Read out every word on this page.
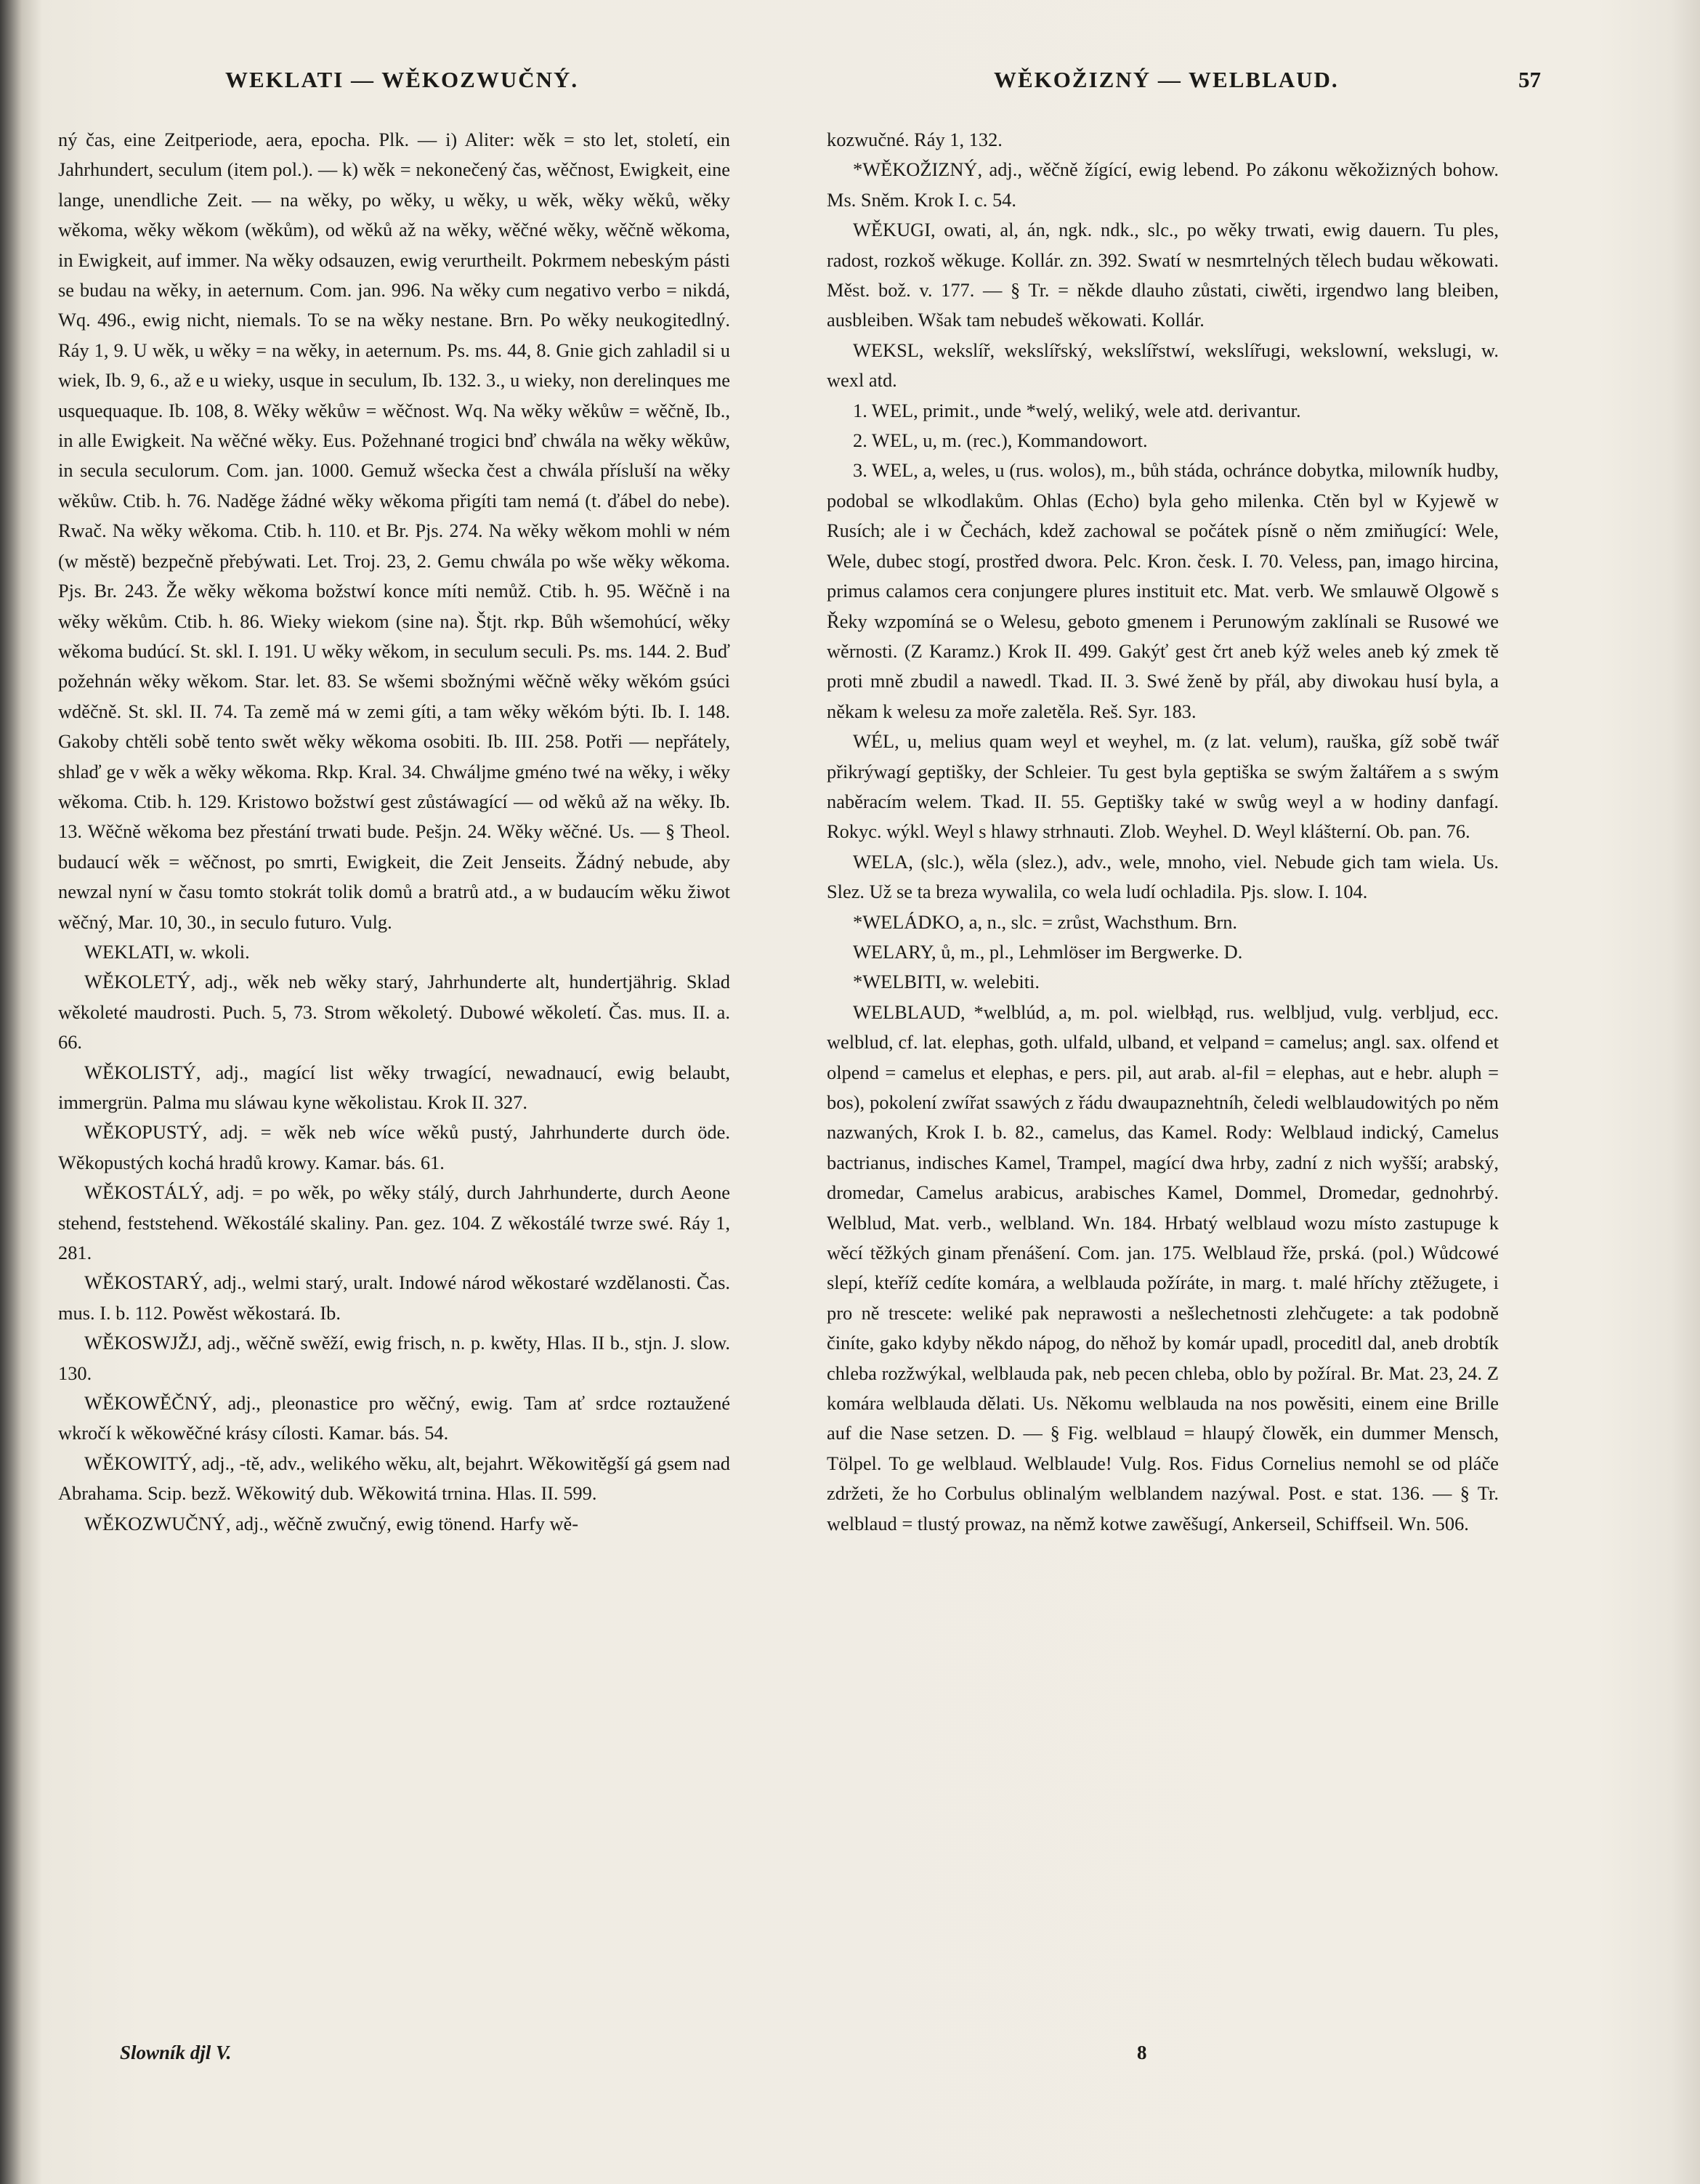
WEKLATI — WĚKOZWUČNÝ.	WĚKOŽIZNÝ — WELBLAUD.	57

ný čas, eine Zeitperiode, aera, epocha. Plk. — i) Aliter: wěk = sto let, století, ein Jahrhundert, seculum (item pol.). — k) wěk = nekonečený čas, wěčnost, Ewigkeit, eine lange, unendliche Zeit. — na wěky, po wěky, u wěky, u wěk, wěky wěků, wěky wěkoma, wěky wěkom (wěkům), od wěků až na wěky, wěčné wěky, wěčně wěkoma, in Ewigkeit, auf immer. Na wěky odsauzen, ewig verurtheilt. Pokrmem nebeským pásti se budau na wěky, in aeternum. Com. jan. 996. Na wěky cum negativo verbo = nikdá, Wq. 496., ewig nicht, niemals. To se na wěky nestane. Brn. Po wěky neukogitedlný. Ráy 1, 9. U wěk, u wěky = na wěky, in aeternum. Ps. ms. 44, 8. Gnie gich zahladil si u wiek, Ib. 9, 6., až e u wieky, usque in seculum, Ib. 132. 3., u wieky, non derelinques me usquequaque. Ib. 108, 8. Wěky wěkůw = wěčnost. Wq. Na wěky wěkůw = wěčně, Ib., in alle Ewigkeit. Na wěčné wěky. Eus. Požehnané trogici bnď chwála na wěky wěkůw, in secula seculorum. Com. jan. 1000. Gemuž wšecka čest a chwála přísluší na wěky wěkůw. Ctib. h. 76. Naděge žádné wěky wěkoma přigíti tam nemá (t. ďábel do nebe). Rwač. Na wěky wěkoma. Ctib. h. 110. et Br. Pjs. 274. Na wěky wěkom mohli w ném (w městě) bezpečně přebýwati. Let. Troj. 23, 2. Gemu chwála po wše wěky wěkoma. Pjs. Br. 243. Že wěky wěkoma božstwí konce míti nemůž. Ctib. h. 95. Wěčně i na wěky wěkům. Ctib. h. 86. Wieky wiekom (sine na). Štjt. rkp. Bůh wšemohúcí, wěky wěkoma budúcí. St. skl. I. 191. U wěky wěkom, in seculum seculi. Ps. ms. 144. 2. Buď požehnán wěky wěkom. Star. let. 83. Se wšemi sbožnými wěčně wěky wěkóm gsúci wděčně. St. skl. II. 74. Ta země má w zemi gíti, a tam wěky wěkóm býti. Ib. I. 148. Gakoby chtěli sobě tento swět wěky wěkoma osobiti. Ib. III. 258. Potři — nepřátely, shlaď ge v wěk a wěky wěkoma. Rkp. Kral. 34. Chwáljme gméno twé na wěky, i wěky wěkoma. Ctib. h. 129. Kristowo božstwí gest zůstáwagící — od wěků až na wěky. Ib. 13. Wěčně wěkoma bez přestání trwati bude. Pešjn. 24. Wěky wěčné. Us. — § Theol. budaucí wěk = wěčnost, po smrti, Ewigkeit, die Zeit Jenseits. Žádný nebude, aby newzal nyní w času tomto stokrát tolik domů a bratrů atd., a w budaucím wěku žiwot wěčný, Mar. 10, 30., in seculo futuro. Vulg.

WEKLATI, w. wkoli.

WĚKOLETÝ, adj., wěk neb wěky starý, Jahrhunderte alt, hundertjährig. Sklad wěkoleté maudrosti. Puch. 5, 73. Strom wěkoletý. Dubowé wěkoletí. Čas. mus. II. a. 66.

WĚKOLISTÝ, adj., magící list wěky trwagící, newadnaucí, ewig belaubt, immergrün. Palma mu sláwau kyne wěkolistau. Krok II. 327.

WĚKOPUSTÝ, adj. = wěk neb wíce wěků pustý, Jahrhunderte durch öde. Wěkopustých kochá hradů krowy. Kamar. bás. 61.

WĚKOSTÁLÝ, adj. = po wěk, po wěky stálý, durch Jahrhunderte, durch Aeone stehend, feststehend. Wěkostálé skaliny. Pan. gez. 104. Z wěkostálé twrze swé. Ráy 1, 281.

WĚKOSTARÝ, adj., welmi starý, uralt. Indowé národ wěkostaré wzdělanosti. Čas. mus. I. b. 112. Powěst wěkostará. Ib.

WĚKOSWJŽJ, adj., wěčně swěží, ewig frisch, n. p. kwěty, Hlas. II b., stjn. J. slow. 130.

WĚKOWĚČNÝ, adj., pleonastice pro wěčný, ewig. Tam ať srdce roztaužené wkročí k wěkowěčné krásy cílosti. Kamar. bás. 54.

WĚKOWITÝ, adj., -tě, adv., welikého wěku, alt, bejahrt. Wěkowitěgší gá gsem nad Abrahama. Scip. bezž. Wěkowitý dub. Wěkowitá trnina. Hlas. II. 599.

WĚKOZWUČNÝ, adj., wěčně zwučný, ewig tönend. Harfy wě-

kozwučné. Ráy 1, 132.

*WĚKOŽIZNÝ, adj., wěčně žígící, ewig lebend. Po zákonu wěkožizných bohow. Ms. Sněm. Krok I. c. 54.

WĚKUGI, owati, al, án, ngk. ndk., slc., po wěky trwati, ewig dauern. Tu ples, radost, rozkoš wěkuge. Kollár. zn. 392. Swatí w nesmrtelných tělech budau wěkowati. Měst. bož. v. 177. — § Tr. = někde dlauho zůstati, ciwěti, irgendwo lang bleiben, ausbleiben. Wšak tam nebudeš wěkowati. Kollár.

WEKSL, wekslíř, wekslířský, wekslířstwí, wekslířugi, wekslowní, wekslugi, w. wexl atd.

1. WEL, primit., unde *welý, weliký, wele atd. derivantur.

2. WEL, u, m. (rec.), Kommandowort.

3. WEL, a, weles, u (rus. wolos), m., bůh stáda, ochránce dobytka, milowník hudby, podobal se wlkodlakům. Ohlas (Echo) byla geho milenka. Ctěn byl w Kyjewě w Rusích; ale i w Čechách, kdež zachowal se počátek písně o něm zmiňugící: Wele, Wele, dubec stogí, prostřed dwora. Pelc. Kron. česk. I. 70. Veless, pan, imago hircina, primus calamos cera conjungere plures instituit etc. Mat. verb. We smlauwě Olgowě s Řeky wzpomíná se o Welesu, geboto gmenem i Perunowým zaklínali se Rusowé we wěrnosti. (Z Karamz.) Krok II. 499. Gakýť gest črt aneb kýž weles aneb ký zmek tě proti mně zbudil a nawedl. Tkad. II. 3. Swé ženě by přál, aby diwokau husí byla, a někam k welesu za moře zaletěla. Reš. Syr. 183.

WÉL, u, melius quam weyl et weyhel, m. (z lat. velum), rauška, gíž sobě twář přikrýwagí geptišky, der Schleier. Tu gest byla geptiška se swým žaltářem a s swým naběracím welem. Tkad. II. 55. Geptišky také w swůg weyl a w hodiny danfagí. Rokyc. wýkl. Weyl s hlawy strhnauti. Zlob. Weyhel. D. Weyl klášterní. Ob. pan. 76.

WELA, (slc.), wěla (slez.), adv., wele, mnoho, viel. Nebude gich tam wiela. Us. Slez. Už se ta breza wywalila, co wela ludí ochladila. Pjs. slow. I. 104.

*WELÁDKO, a, n., slc. = zrůst, Wachsthum. Brn.

WELARY, ů, m., pl., Lehmlöser im Bergwerke. D.

*WELBITI, w. welebiti.

WELBLAUD, *welblúd, a, m. pol. wielbłąd, rus. welbljud, vulg. verbljud, ecc. welblud, cf. lat. elephas, goth. ulfald, ulband, et velpand = camelus; angl. sax. olfend et olpend = camelus et elephas, e pers. pil, aut arab. al-fil = elephas, aut e hebr. aluph = bos), pokolení zwířat ssawých z řádu dwaupaznehtníh, čeledi welblaudowitých po něm nazwaných, Krok I. b. 82., camelus, das Kamel. Rody: Welblaud indický, Camelus bactrianus, indisches Kamel, Trampel, magící dwa hrby, zadní z nich wyšší; arabský, dromedar, Camelus arabicus, arabisches Kamel, Dommel, Dromedar, gednohrbý. Welblud, Mat. verb., welbland. Wn. 184. Hrbatý welblaud wozu místo zastupuge k wěcí těžkých ginam přenášení. Com. jan. 175. Welblaud řže, prská. (pol.) Wůdcowé slepí, kteříž cedíte komára, a welblauda požíráte, in marg. t. malé hříchy ztěžugete, i pro ně trescete: weliké pak neprawosti a nešlechetnosti zlehčugete: a tak podobně činíte, gako kdyby někdo nápog, do něhož by komár upadl, proceditl dal, aneb drobtík chleba rozžwýkal, welblauda pak, neb pecen chleba, oblo by požíral. Br. Mat. 23, 24. Z komára welblauda dělati. Us. Někomu welblauda na nos powěsiti, einem eine Brille auf die Nase setzen. D. — § Fig. welblaud = hlaupý člowěk, ein dummer Mensch, Tölpel. To ge welblaud. Welblaude! Vulg. Ros. Fidus Cornelius nemohl se od pláče zdržeti, že ho Corbulus oblinalým welblandem nazýwal. Post. e stat. 136. — § Tr. welblaud = tlustý prowaz, na němž kotwe zawěšugí, Ankerseil, Schiffseil. Wn. 506.

Slowník djl V.	8
